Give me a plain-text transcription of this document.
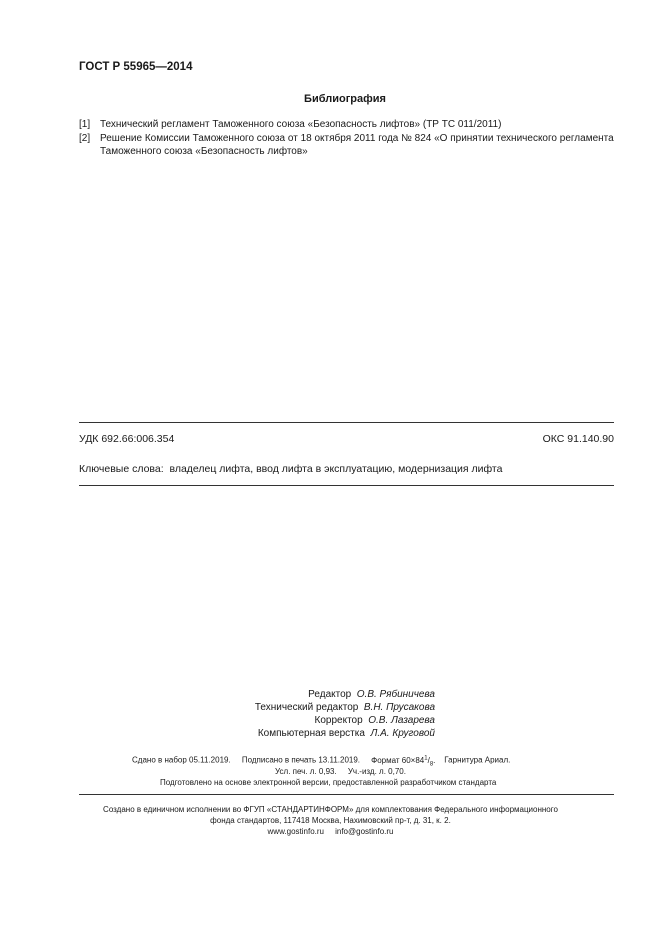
ГОСТ Р 55965—2014
Библиография
[1] Технический регламент Таможенного союза «Безопасность лифтов» (ТР ТС 011/2011)
[2] Решение Комиссии Таможенного союза от 18 октября 2011 года № 824 «О принятии технического регламента
Таможенного союза «Безопасность лифтов»
УДК 692.66:006.354	ОКС 91.140.90
Ключевые слова: владелец лифта, ввод лифта в эксплуатацию, модернизация лифта
Редактор О.В. Рябиничева
Технический редактор В.Н. Прусакова
Корректор О.В. Лазарева
Компьютерная верстка Л.А. Круговой
Сдано в набор 05.11.2019. Подписано в печать 13.11.2019. Формат $60\times 84^1/_8$. Гарнитура Ариал.
Усл. печ. л. 0,93. Уч.-изд. л. 0,70.
Подготовлено на основе электронной версии, предоставленной разработчиком стандарта
Создано в единичном исполнении во ФГУП «СТАНДАРТИНФОРМ» для комплектования Федерального информационного
фонда стандартов, 117418 Москва, Нахимовский пр-т, д. 31, к. 2.
www.gostinfo.ru info@gostinfo.ru
